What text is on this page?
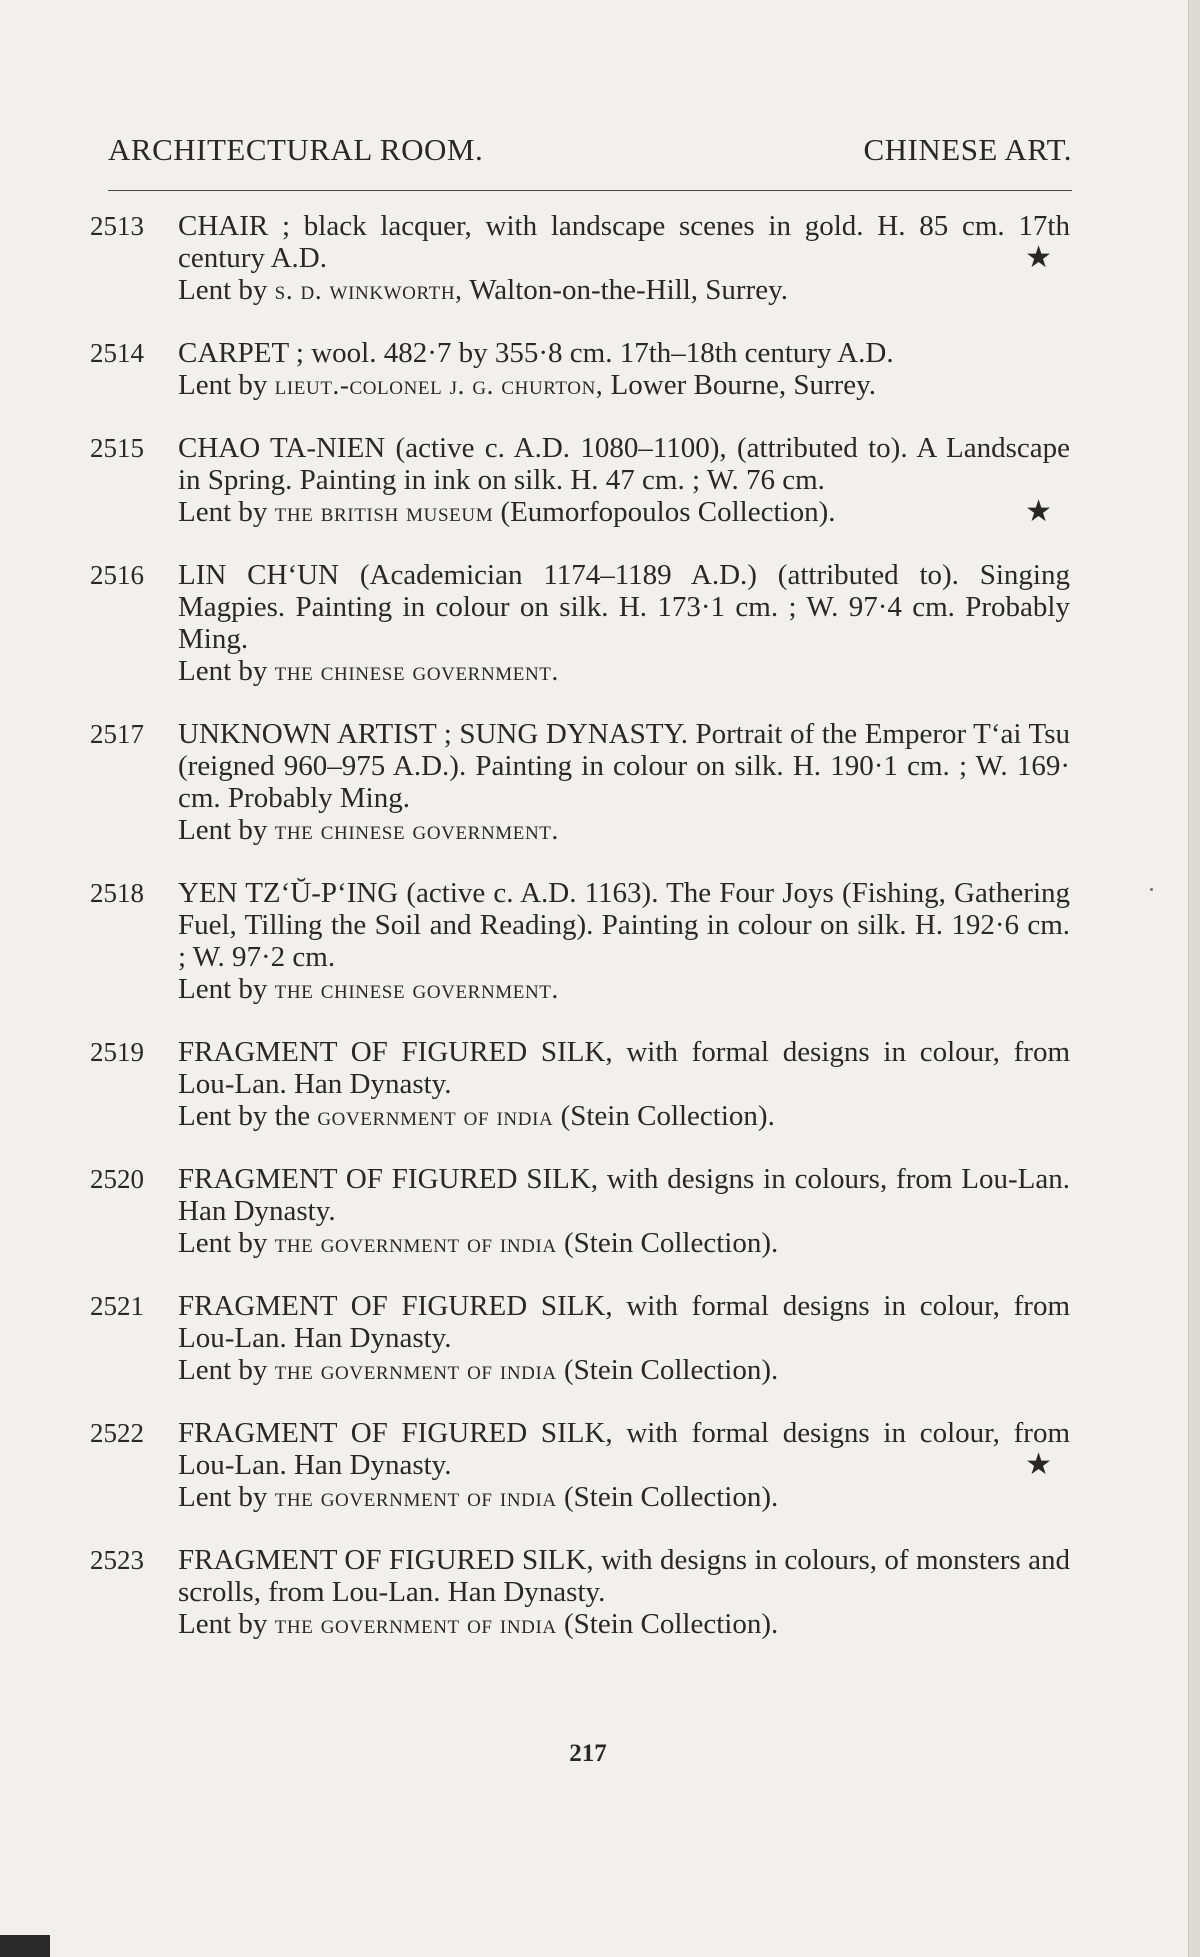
ARCHITECTURAL ROOM.	CHINESE ART.
2513 CHAIR ; black lacquer, with landscape scenes in gold. H. 85 cm. 17th century A.D.	★
Lent by s. d. winkworth, Walton-on-the-Hill, Surrey.
2514 CARPET ; wool. 482·7 by 355·8 cm. 17th–18th century A.D.
Lent by lieut.-colonel j. g. churton, Lower Bourne, Surrey.
2515 CHAO TA-NIEN (active c. A.D. 1080–1100), (attributed to). A Landscape in Spring. Painting in ink on silk. H. 47 cm. ; W. 76 cm.
★
Lent by the british museum (Eumorfopoulos Collection).
2516 LIN CH‘UN (Academician 1174–1189 A.D.) (attributed to). Singing Magpies. Painting in colour on silk. H. 173·1 cm. ; W. 97·4 cm. Probably Ming.
Lent by the chinese government.
2517 UNKNOWN ARTIST ; SUNG DYNASTY. Portrait of the Emperor T‘ai Tsu (reigned 960–975 A.D.). Painting in colour on silk. H. 190·1 cm. ; W. 169· cm. Probably Ming.
Lent by the chinese government.
2518 YEN TZ‘Ŭ-P‘ING (active c. A.D. 1163). The Four Joys (Fishing, Gathering Fuel, Tilling the Soil and Reading). Painting in colour on silk. H. 192·6 cm. ; W. 97·2 cm.
Lent by the chinese government.
2519 FRAGMENT OF FIGURED SILK, with formal designs in colour, from Lou-Lan. Han Dynasty.
Lent by the government of india (Stein Collection).
2520 FRAGMENT OF FIGURED SILK, with designs in colours, from Lou-Lan. Han Dynasty.
Lent by the government of india (Stein Collection).
2521 FRAGMENT OF FIGURED SILK, with formal designs in colour, from Lou-Lan. Han Dynasty.
Lent by the government of india (Stein Collection).
2522 FRAGMENT OF FIGURED SILK, with formal designs in colour, from Lou-Lan. Han Dynasty.	★
Lent by the government of india (Stein Collection).
2523 FRAGMENT OF FIGURED SILK, with designs in colours, of monsters and scrolls, from Lou-Lan. Han Dynasty.
Lent by the government of india (Stein Collection).
217
